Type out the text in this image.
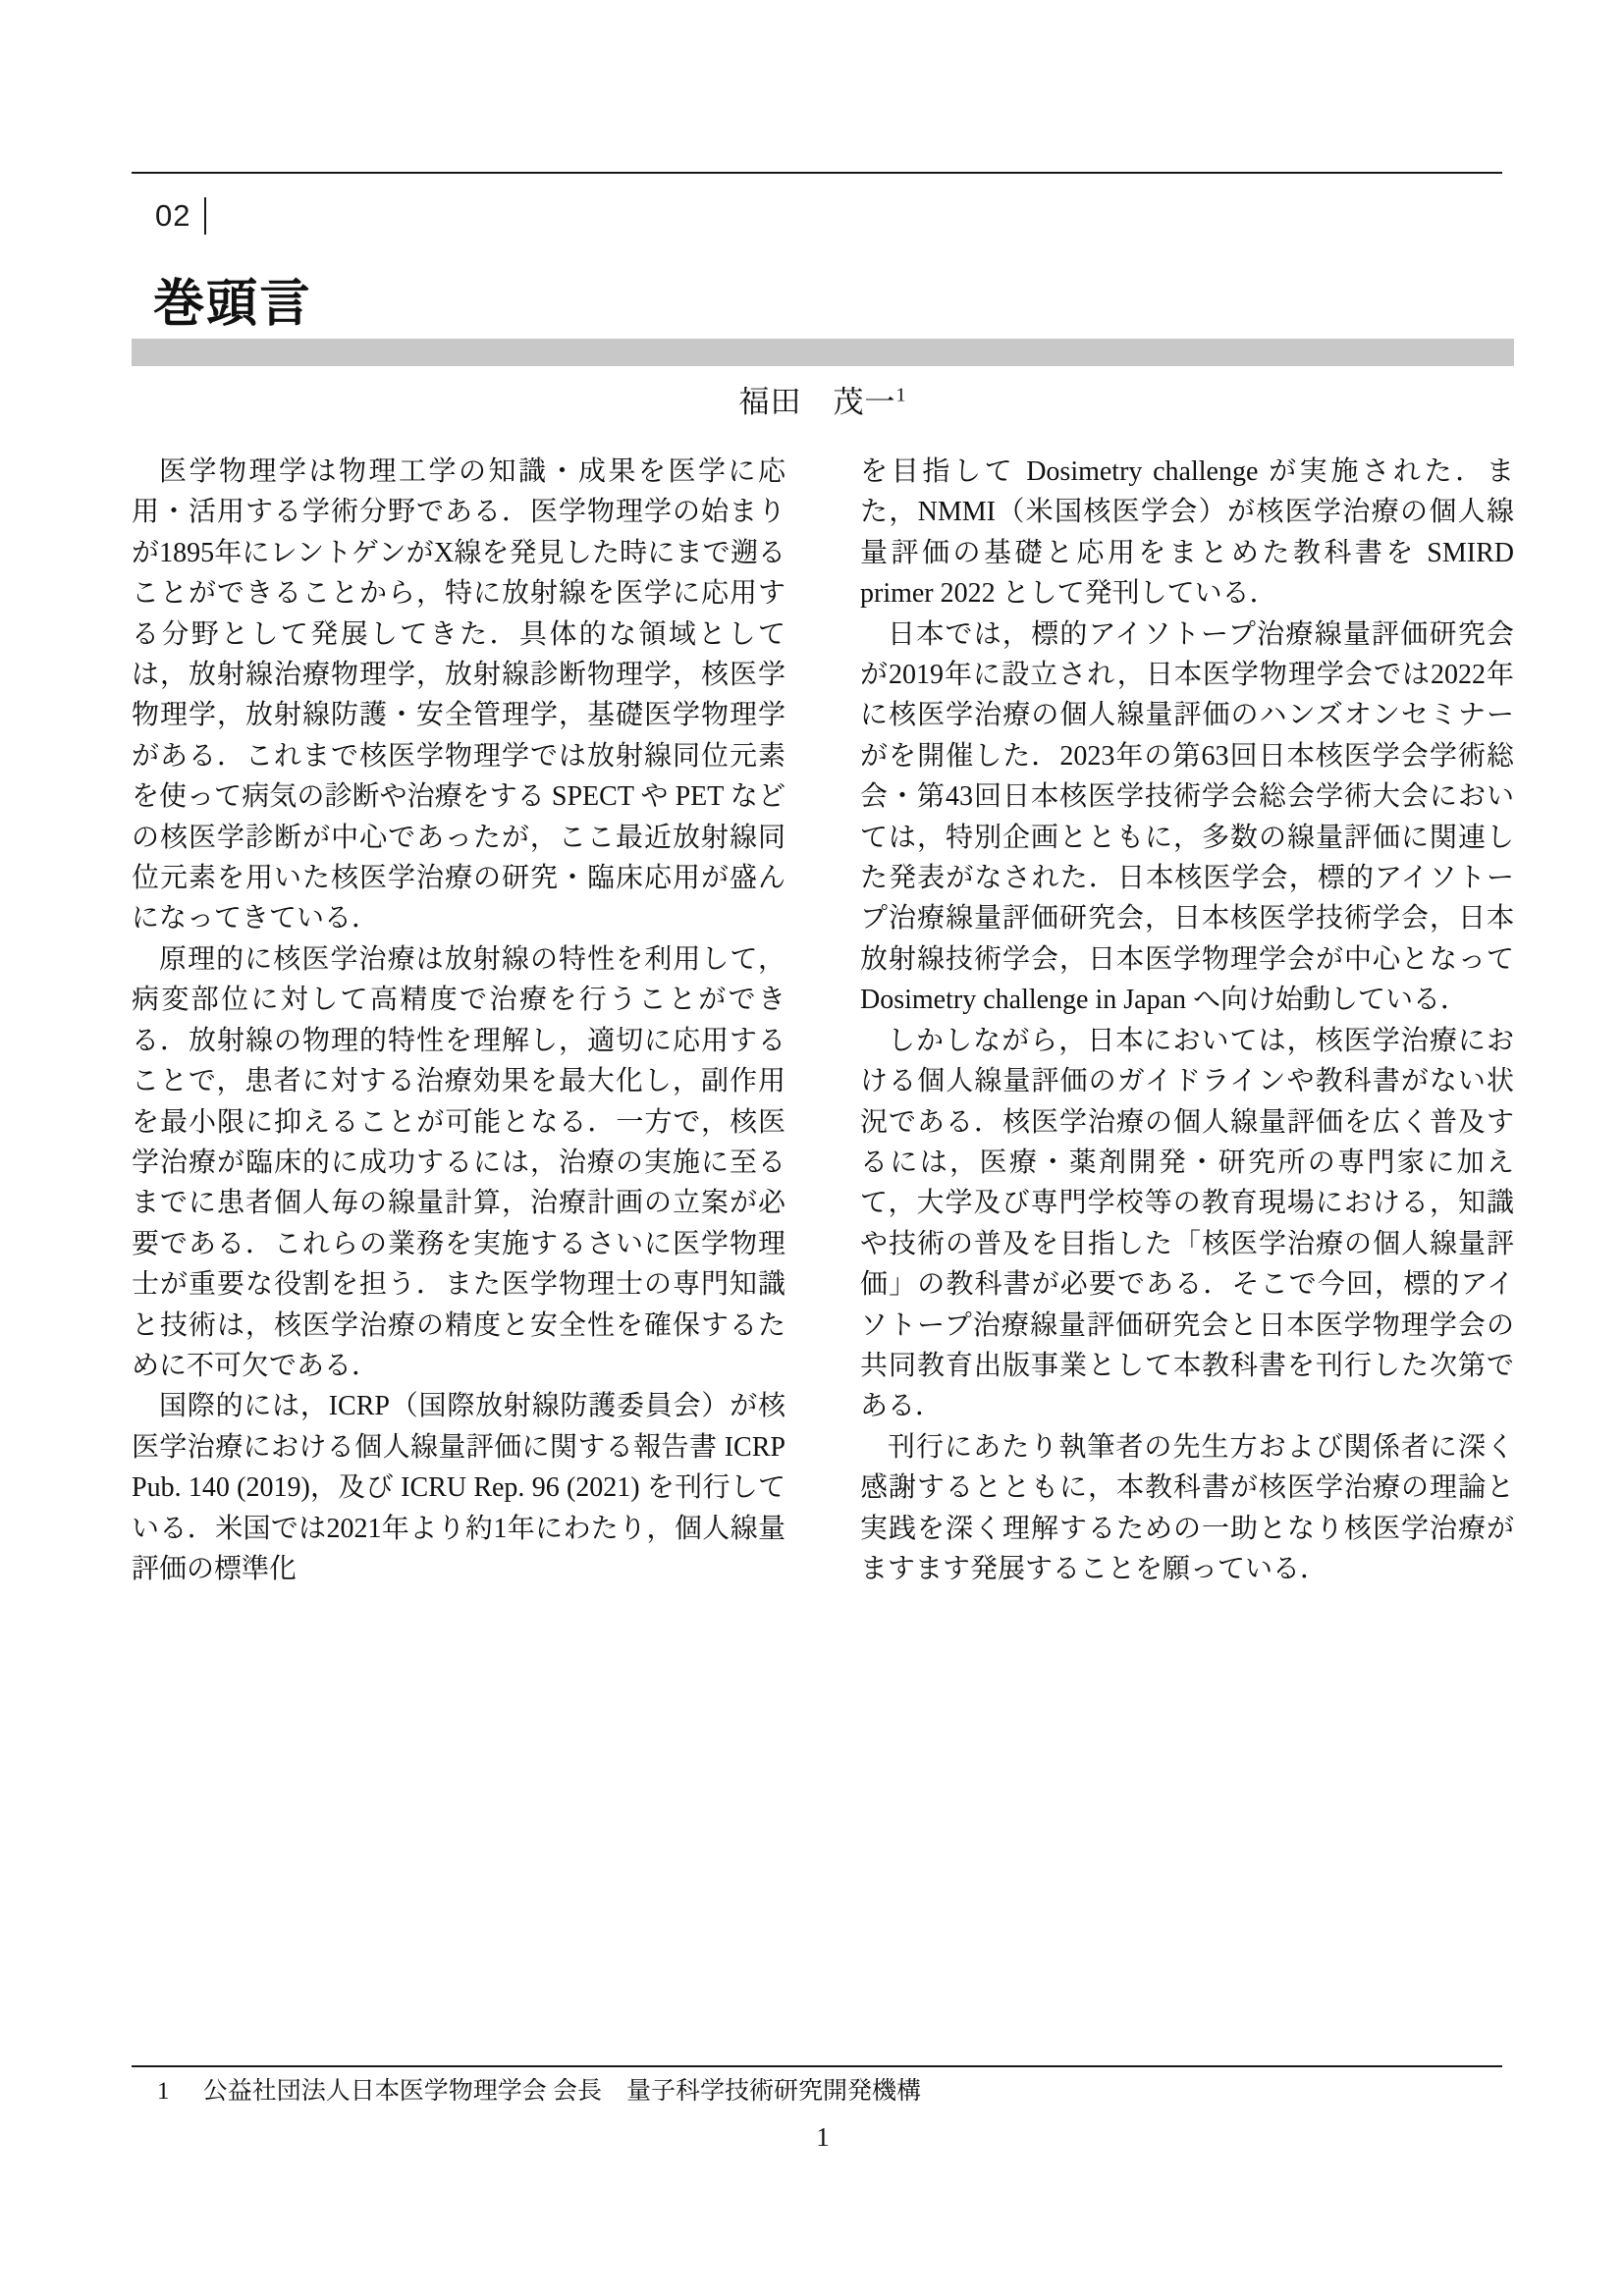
02
巻頭言
福田　茂一$^1$

医学物理学は物理工学の知識・成果を医学に応用・活用する学術分野である．医学物理学の始まりが1895年にレントゲンがX線を発見した時にまで遡ることができることから，特に放射線を医学に応用する分野として発展してきた．具体的な領域としては，放射線治療物理学，放射線診断物理学，核医学物理学，放射線防護・安全管理学，基礎医学物理学がある．これまで核医学物理学では放射線同位元素を使って病気の診断や治療をする SPECT や PET などの核医学診断が中心であったが，ここ最近放射線同位元素を用いた核医学治療の研究・臨床応用が盛んになってきている．

原理的に核医学治療は放射線の特性を利用して，病変部位に対して高精度で治療を行うことができる．放射線の物理的特性を理解し，適切に応用することで，患者に対する治療効果を最大化し，副作用を最小限に抑えることが可能となる．一方で，核医学治療が臨床的に成功するには，治療の実施に至るまでに患者個人毎の線量計算，治療計画の立案が必要である．これらの業務を実施するさいに医学物理士が重要な役割を担う．また医学物理士の専門知識と技術は，核医学治療の精度と安全性を確保するために不可欠である．

国際的には，ICRP（国際放射線防護委員会）が核医学治療における個人線量評価に関する報告書 ICRP Pub. 140 (2019)，及び ICRU Rep. 96 (2021) を刊行している．米国では2021年より約1年にわたり，個人線量評価の標準化

を目指して Dosimetry challenge が実施された．また，NMMI（米国核医学会）が核医学治療の個人線量評価の基礎と応用をまとめた教科書を SMIRD primer 2022 として発刊している．

日本では，標的アイソトープ治療線量評価研究会が2019年に設立され，日本医学物理学会では2022年に核医学治療の個人線量評価のハンズオンセミナーがを開催した．2023年の第63回日本核医学会学術総会・第43回日本核医学技術学会総会学術大会においては，特別企画とともに，多数の線量評価に関連した発表がなされた．日本核医学会，標的アイソトープ治療線量評価研究会，日本核医学技術学会，日本放射線技術学会，日本医学物理学会が中心となって Dosimetry challenge in Japan へ向け始動している．

しかしながら，日本においては，核医学治療における個人線量評価のガイドラインや教科書がない状況である．核医学治療の個人線量評価を広く普及するには，医療・薬剤開発・研究所の専門家に加えて，大学及び専門学校等の教育現場における，知識や技術の普及を目指した「核医学治療の個人線量評価」の教科書が必要である．そこで今回，標的アイソトープ治療線量評価研究会と日本医学物理学会の共同教育出版事業として本教科書を刊行した次第である．

刊行にあたり執筆者の先生方および関係者に深く感謝するとともに，本教科書が核医学治療の理論と実践を深く理解するための一助となり核医学治療がますます発展することを願っている．

1 公益社団法人日本医学物理学会 会長　量子科学技術研究開発機構
1
